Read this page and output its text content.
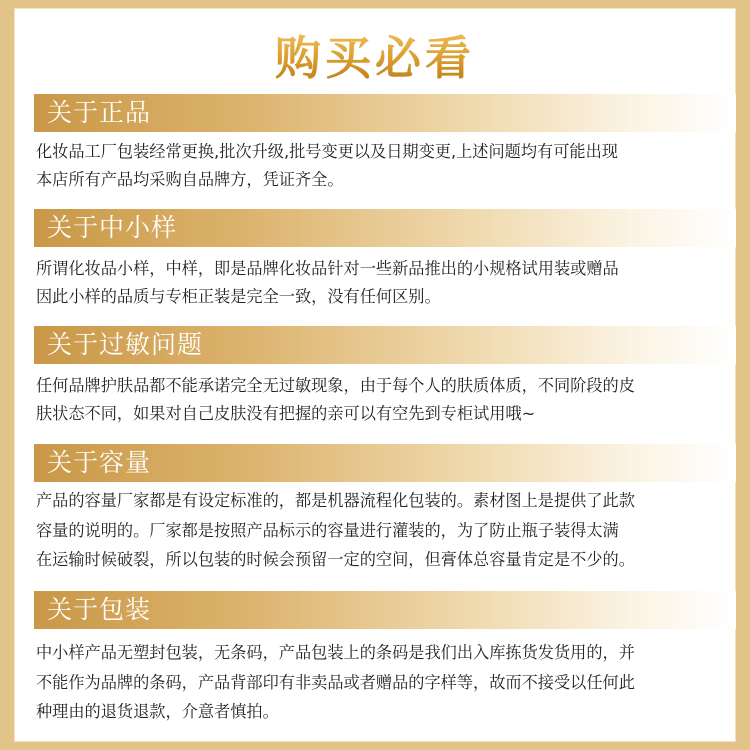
购买必看
关于正品
化妆品工厂包装经常更换,批次升级,批号变更以及日期变更,上述问题均有可能出现
本店所有产品均采购自品牌方，凭证齐全。
关于中小样
所谓化妆品小样，中样，即是品牌化妆品针对一些新品推出的小规格试用装或赠品
因此小样的品质与专柜正装是完全一致，没有任何区别。
关于过敏问题
任何品牌护肤品都不能承诺完全无过敏现象，由于每个人的肤质体质，不同阶段的皮
肤状态不同，如果对自己皮肤没有把握的亲可以有空先到专柜试用哦~
关于容量
产品的容量厂家都是有设定标准的，都是机器流程化包装的。素材图上是提供了此款
容量的说明的。厂家都是按照产品标示的容量进行灌装的，为了防止瓶子装得太满
在运输时候破裂，所以包装的时候会预留一定的空间，但膏体总容量肯定是不少的。
关于包装
中小样产品无塑封包装，无条码，产品包装上的条码是我们出入库拣货发货用的，并
不能作为品牌的条码，产品背部印有非卖品或者赠品的字样等，故而不接受以任何此
种理由的退货退款，介意者慎拍。
